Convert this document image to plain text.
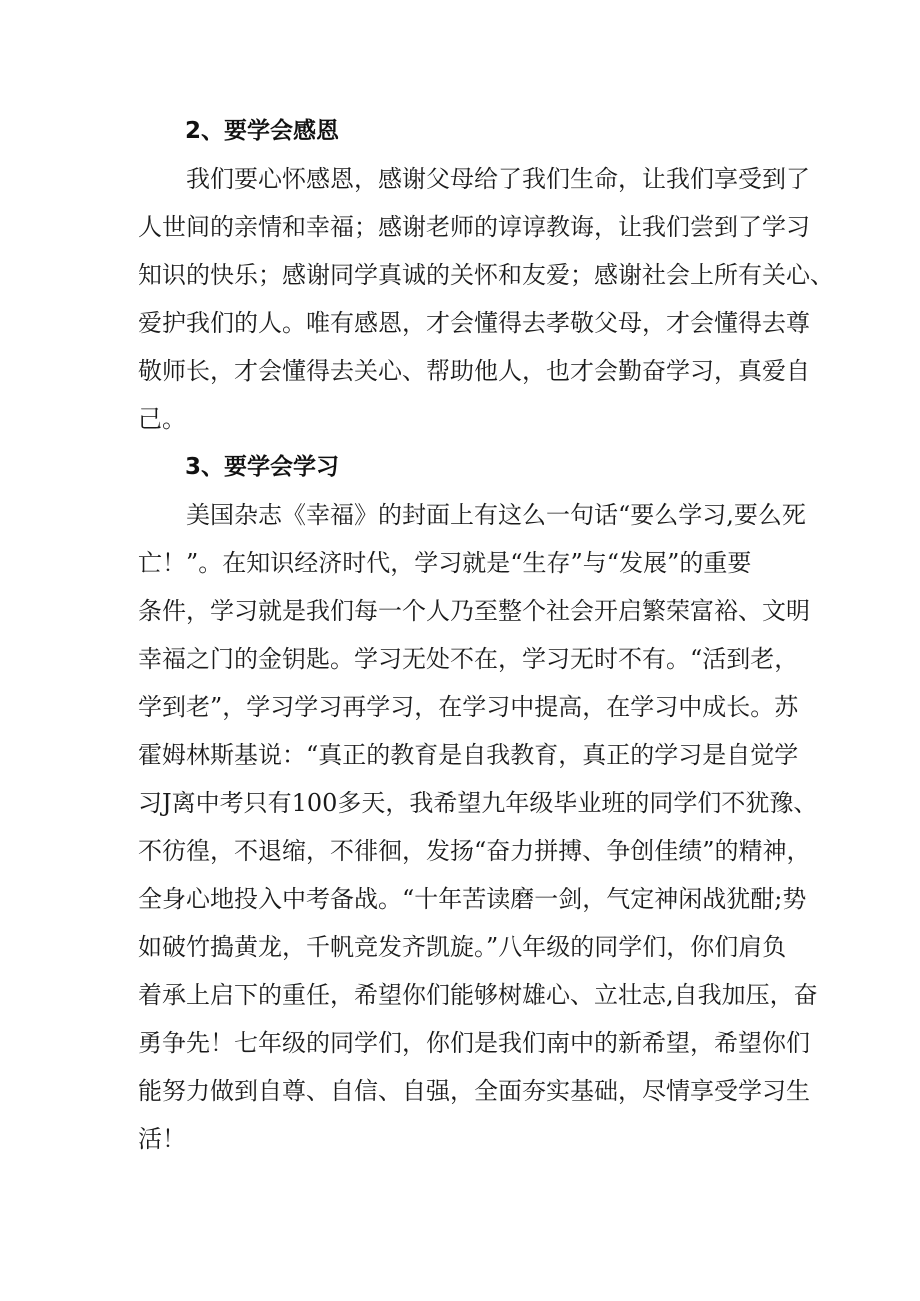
2、要学会感恩
我们要心怀感恩，感谢父母给了我们生命，让我们享受到了
人世间的亲情和幸福；感谢老师的谆谆教诲，让我们尝到了学习
知识的快乐；感谢同学真诚的关怀和友爱；感谢社会上所有关心、
爱护我们的人。唯有感恩，才会懂得去孝敬父母，才会懂得去尊
敬师长，才会懂得去关心、帮助他人，也才会勤奋学习，真爱自
己。
3、要学会学习
美国杂志《幸福》的封面上有这么一句话“要么学习,要么死
亡！”。在知识经济时代，学习就是“生存”与“发展”的重要
条件，学习就是我们每一个人乃至整个社会开启繁荣富裕、文明
幸福之门的金钥匙。学习无处不在，学习无时不有。“活到老，
学到老”，学习学习再学习，在学习中提高，在学习中成长。苏
霍姆林斯基说：“真正的教育是自我教育，真正的学习是自觉学
习J离中考只有100多天，我希望九年级毕业班的同学们不犹豫、
不彷徨，不退缩，不徘徊，发扬“奋力拼搏、争创佳绩”的精神，
全身心地投入中考备战。“十年苦读磨一剑，气定神闲战犹酣;势
如破竹搗黄龙，千帆竞发齐凯旋。”八年级的同学们，你们肩负
着承上启下的重任，希望你们能够树雄心、立壮志,自我加压，奋
勇争先！七年级的同学们，你们是我们南中的新希望，希望你们
能努力做到自尊、自信、自强，全面夯实基础，尽情享受学习生
活！
